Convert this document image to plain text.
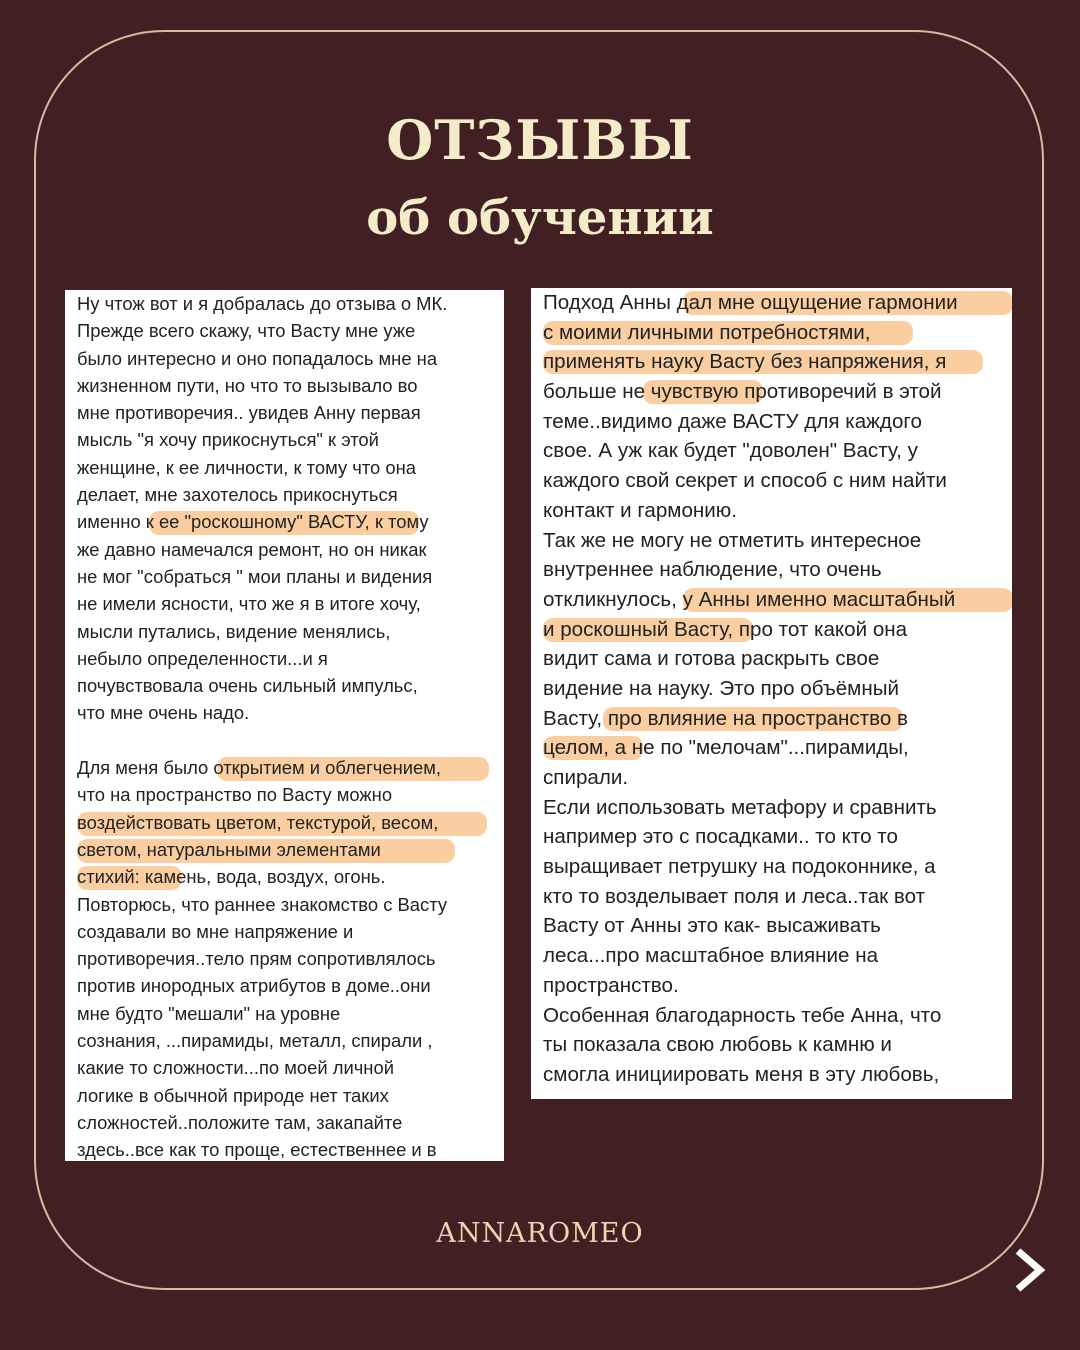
ОТЗЫВЫ
об обучении
Ну чтож вот и я добралась до отзыва о МК.
Прежде всего скажу, что Васту мне уже
было интересно и оно попадалось мне на
жизненном пути, но что то вызывало во
мне противоречия.. увидев Анну первая
мысль "я хочу прикоснуться" к этой
женщине, к ее личности, к тому что она
делает, мне захотелось прикоснуться
именно к ее "роскошному" ВАСТУ, к тому
же давно намечался ремонт, но он никак
не мог "собраться " мои планы и видения
не имели ясности, что же я в итоге хочу,
мысли путались, видение менялись,
небыло определенности...и я
почувствовала очень сильный импульс,
что мне очень надо.
Для меня было открытием и облегчением,
что на пространство по Васту можно
воздействовать цветом, текстурой, весом,
светом, натуральными элементами
стихий: камень, вода, воздух, огонь.
Повторюсь, что раннее знакомство с Васту
создавали во мне напряжение и
противоречия..тело прям сопротивлялось
против инородных атрибутов в доме..они
мне будто "мешали" на уровне
сознания, ...пирамиды, металл, спирали ,
какие то сложности...по моей личной
логике в обычной природе нет таких
сложностей..положите там, закапайте
здесь..все как то проще, естественнее и в
Подход Анны дал мне ощущение гармонии
с моими личными потребностями,
применять науку Васту без напряжения, я
больше не чувствую противоречий в этой
теме..видимо даже ВАСТУ для каждого
свое. А уж как будет "доволен" Васту, у
каждого свой секрет и способ с ним найти
контакт и гармонию.
Так же не могу не отметить интересное
внутреннее наблюдение, что очень
откликнулось, у Анны именно масштабный
и роскошный Васту, про тот какой она
видит сама и готова раскрыть свое
видение на науку. Это про объёмный
Васту, про влияние на пространство в
целом, а не по "мелочам"...пирамиды,
спирали.
Если использовать метафору и сравнить
например это с посадками.. то кто то
выращивает петрушку на подоконнике, а
кто то возделывает поля и леса..так вот
Васту от Анны это как- высаживать
леса...про масштабное влияние на
пространство.
Особенная благодарность тебе Анна, что
ты показала свою любовь к камню и
смогла инициировать меня в эту любовь,
ANNAROMEO
